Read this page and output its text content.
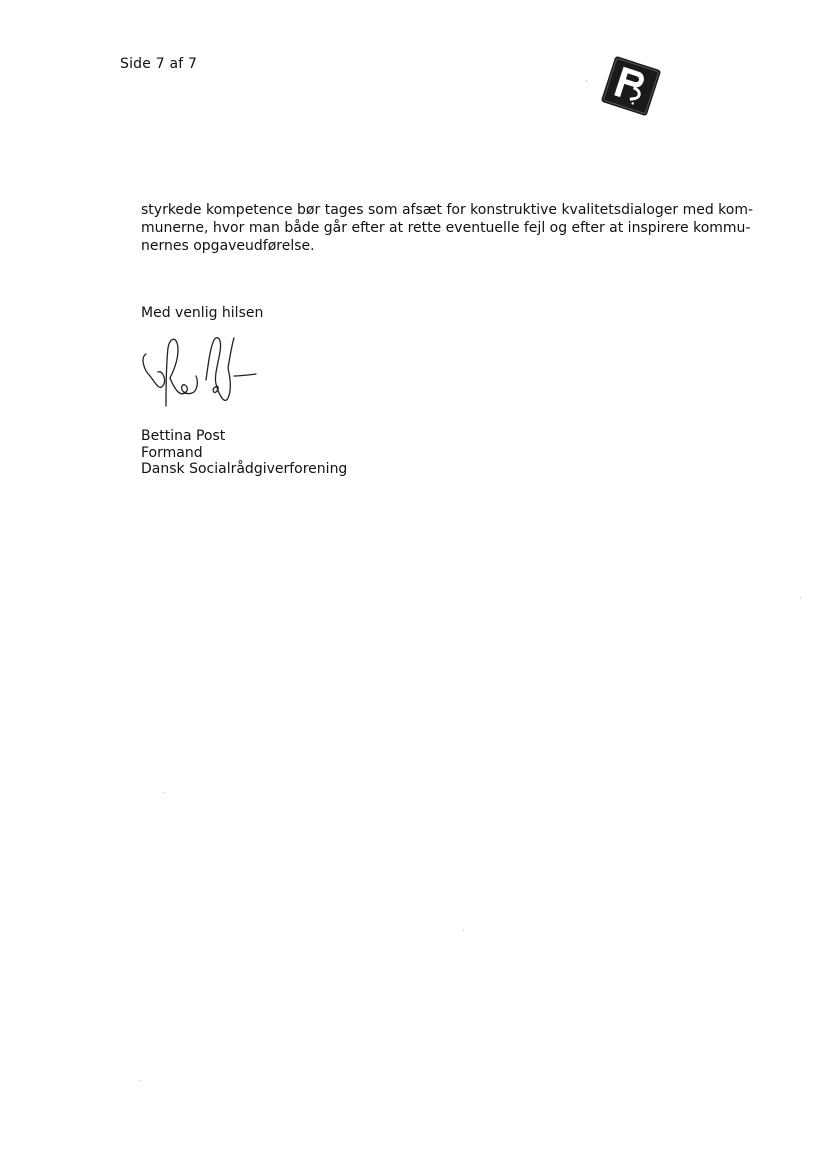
Side 7 af 7
styrkede kompetence bør tages som afsæt for konstruktive kvalitetsdialoger med kom-
munerne, hvor man både går efter at rette eventuelle fejl og efter at inspirere kommu-
nernes opgaveudførelse.
Med venlig hilsen
Bettina Post
Formand
Dansk Socialrådgiverforening
